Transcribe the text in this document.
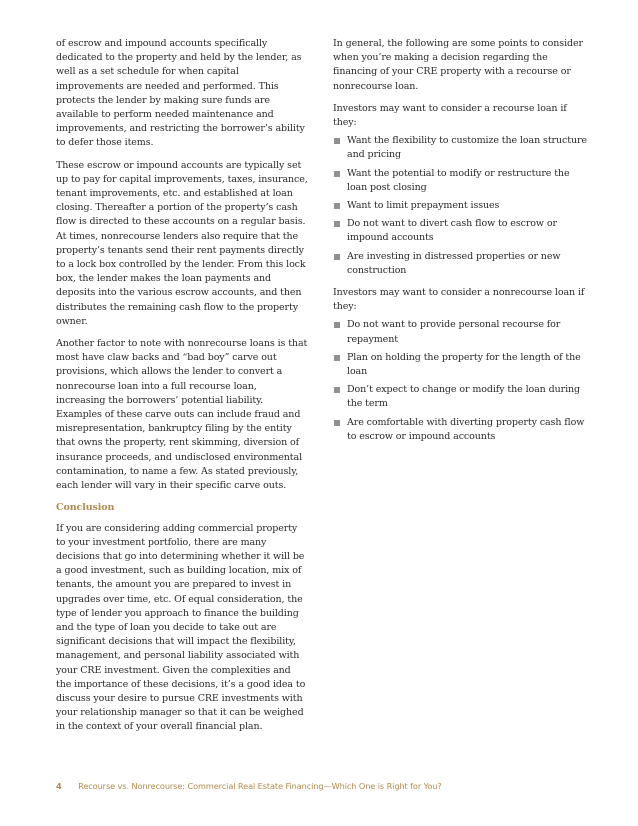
of escrow and impound accounts specifically dedicated to the property and held by the lender, as well as a set schedule for when capital improvements are needed and performed. This protects the lender by making sure funds are available to perform needed maintenance and improvements, and restricting the borrower’s ability to defer those items.

These escrow or impound accounts are typically set up to pay for capital improvements, taxes, insurance, tenant improvements, etc. and established at loan closing. Thereafter a portion of the property’s cash flow is directed to these accounts on a regular basis. At times, nonrecourse lenders also require that the property’s tenants send their rent payments directly to a lock box controlled by the lender. From this lock box, the lender makes the loan payments and deposits into the various escrow accounts, and then distributes the remaining cash flow to the property owner.

Another factor to note with nonrecourse loans is that most have claw backs and “bad boy” carve out provisions, which allows the lender to convert a nonrecourse loan into a full recourse loan, increasing the borrowers’ potential liability. Examples of these carve outs can include fraud and misrepresentation, bankruptcy filing by the entity that owns the property, rent skimming, diversion of insurance proceeds, and undisclosed environmental contamination, to name a few. As stated previously, each lender will vary in their specific carve outs.

Conclusion

If you are considering adding commercial property to your investment portfolio, there are many decisions that go into determining whether it will be a good investment, such as building location, mix of tenants, the amount you are prepared to invest in upgrades over time, etc. Of equal consideration, the type of lender you approach to finance the building and the type of loan you decide to take out are significant decisions that will impact the flexibility, management, and personal liability associated with your CRE investment. Given the complexities and the importance of these decisions, it’s a good idea to discuss your desire to pursue CRE investments with your relationship manager so that it can be weighed in the context of your overall financial plan.

In general, the following are some points to consider when you’re making a decision regarding the financing of your CRE property with a recourse or nonrecourse loan.

Investors may want to consider a recourse loan if they:

Want the flexibility to customize the loan structure and pricing
Want the potential to modify or restructure the loan post closing
Want to limit prepayment issues
Do not want to divert cash flow to escrow or impound accounts
Are investing in distressed properties or new construction

Investors may want to consider a nonrecourse loan if they:

Do not want to provide personal recourse for repayment
Plan on holding the property for the length of the loan
Don’t expect to change or modify the loan during the term
Are comfortable with diverting property cash flow to escrow or impound accounts
4 Recourse vs. Nonrecourse: Commercial Real Estate Financing—Which One is Right for You?
